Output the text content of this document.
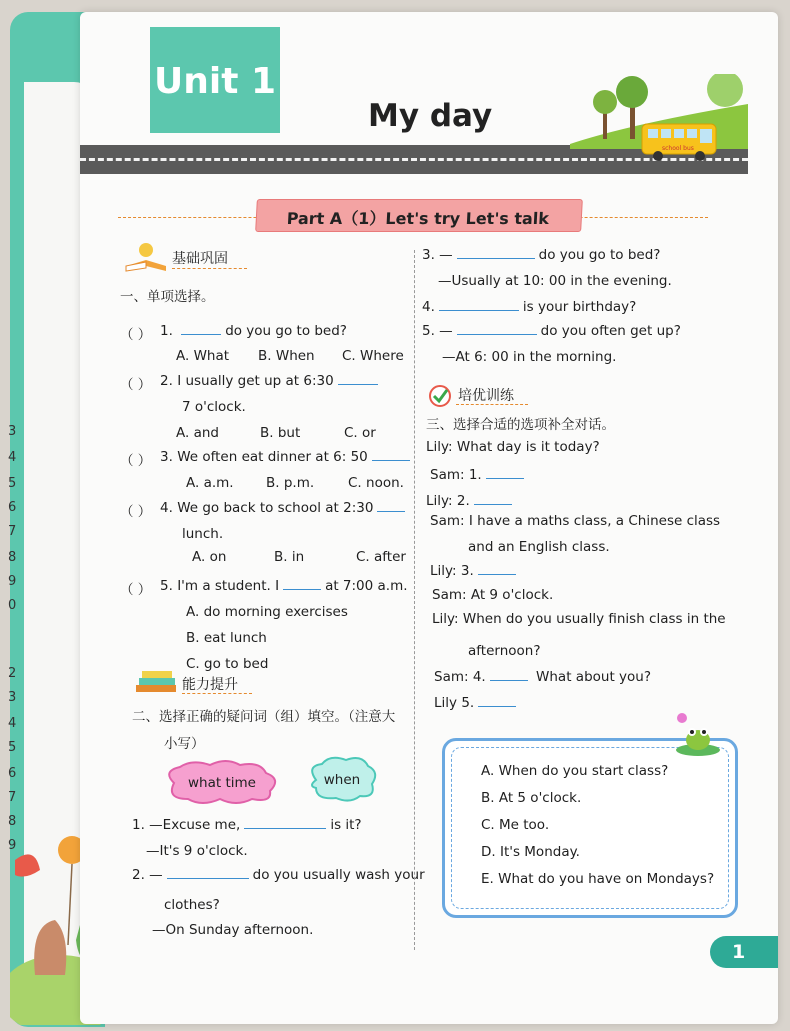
3
4
5
6
7
8
9
0
2
3
4
5
6
7
8
9
Unit 1
My day
school bus
Part A（1）Let's try Let's talk
基础巩固
一、单项选择。
（ ） 1.	do you go to bed?
A. What B. When C. Where
（ ） 2. I usually get up at 6:30
7 o'clock.
A. and	B. but	C. or
（ ） 3. We often eat dinner at 6: 50
A. a.m. B. p.m.	C. noon.
（ ） 4. We go back to school at 2:30
lunch.
A. on	B. in	C. after
（ ） 5. I'm a student. I	at 7:00 a.m.
A. do morning exercises
B. eat lunch
C. go to bed
能力提升
二、选择正确的疑问词（组）填空。（注意大
小写）
what time	when
1. —Excuse me,	is it?
—It's 9 o'clock.
2. —	do you usually wash your
clothes?
—On Sunday afternoon.
3. —	do you go to bed?
—Usually at 10: 00 in the evening.
4.	is your birthday?
5. —	do you often get up?
—At 6: 00 in the morning.
培优训练
三、选择合适的选项补全对话。
Lily: What day is it today?
Sam: 1.
Lily: 2.
Sam: I have a maths class, a Chinese class
and an English class.
Lily: 3.
Sam: At 9 o'clock.
Lily: When do you usually finish class in the
afternoon?
Sam: 4.	What about you?
Lily 5.
A. When do you start class?
B. At 5 o'clock.
C. Me too.
D. It's Monday.
E. What do you have on Mondays?
1
